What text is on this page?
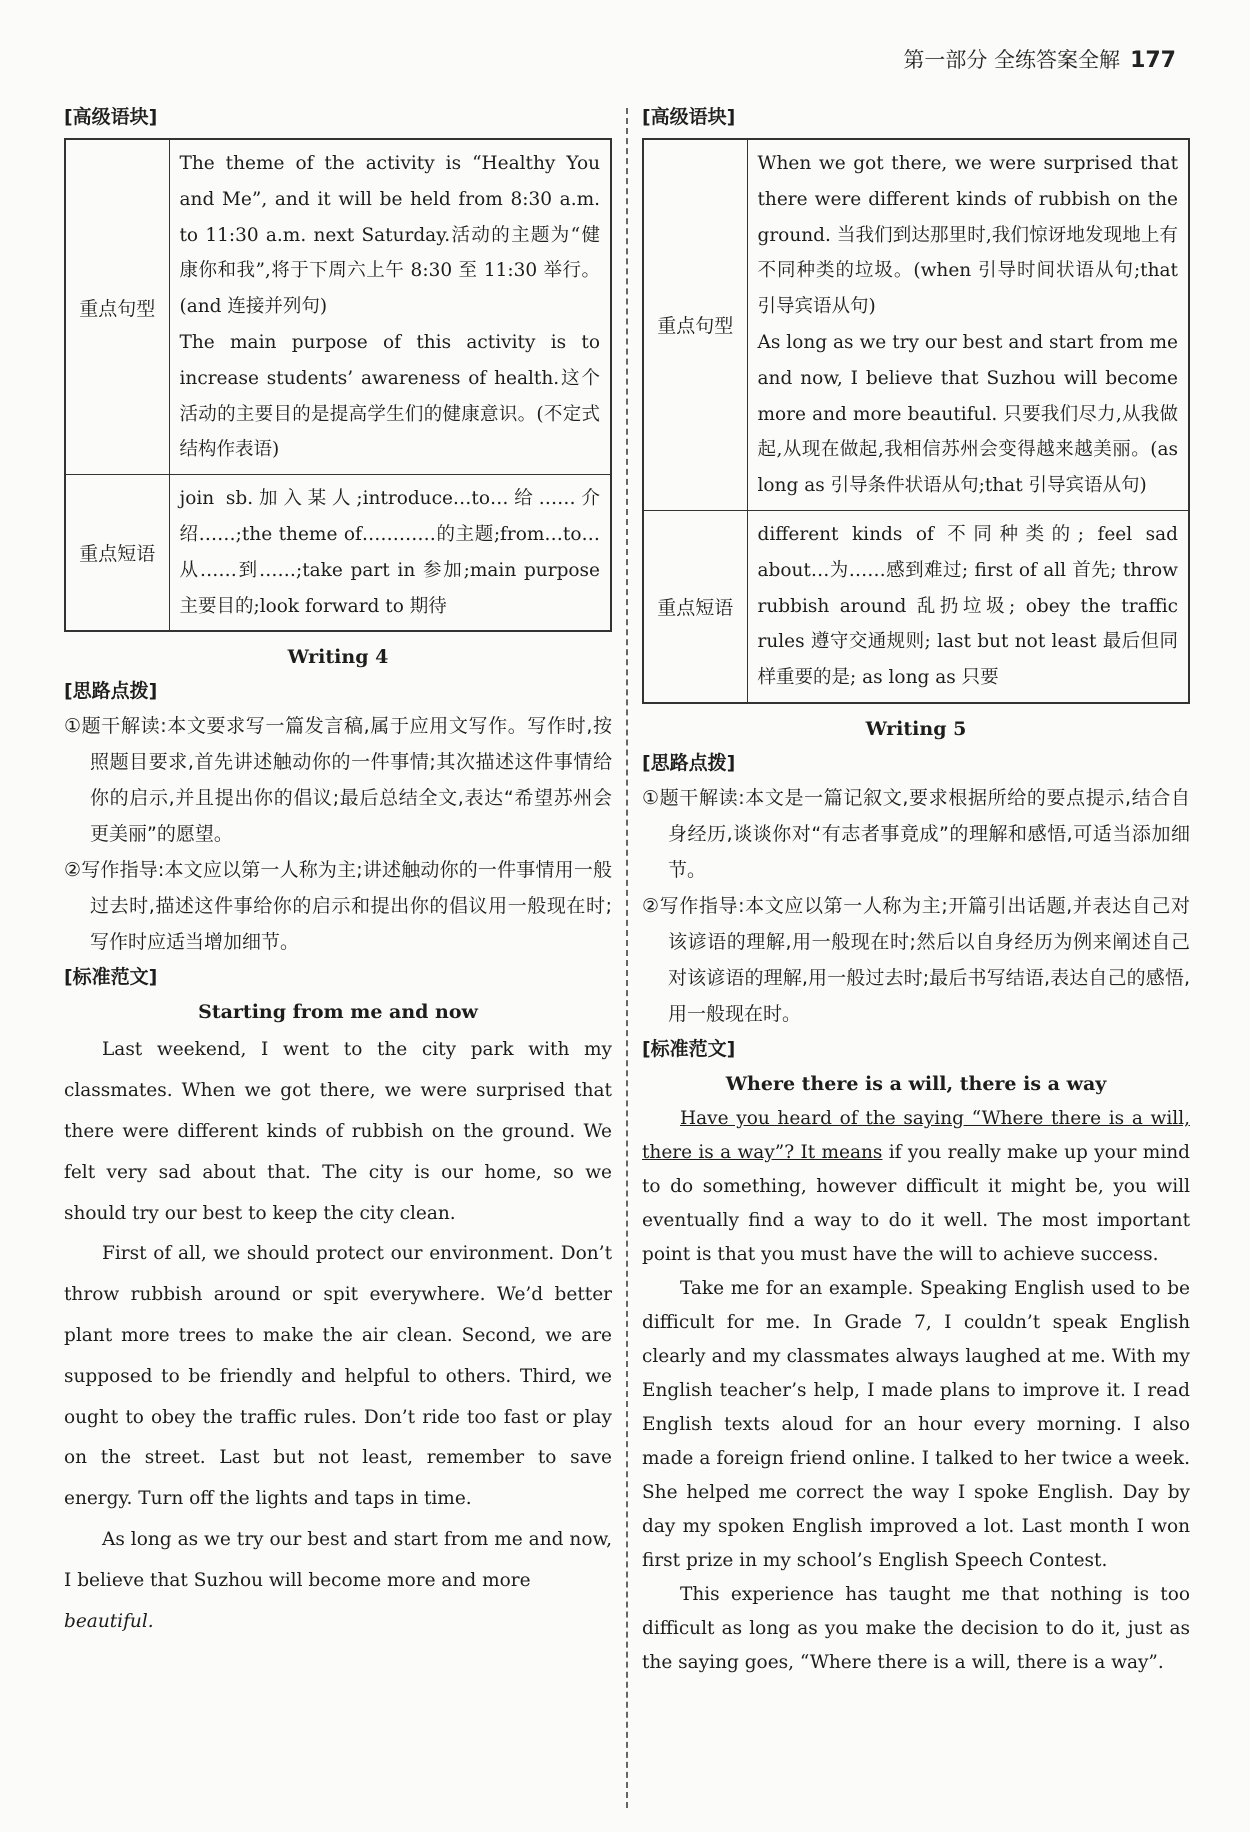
第一部分 全练答案全解 177
[高级语块]
重点句型	The theme of the activity is “Healthy You and Me”, and it will be held from 8:30 a.m. to 11:30 a.m. next Saturday.活动的主题为“健康你和我”,将于下周六上午 8:30 至 11:30 举行。(and 连接并列句)
The main purpose of this activity is to increase students’ awareness of health.这个活动的主要目的是提高学生们的健康意识。(不定式结构作表语)

重点短语	join sb.加入某人;introduce…to…给……介绍……;the theme of…………的主题;from…to…从……到……;take part in 参加;main purpose 主要目的;look forward to 期待
Writing 4
[思路点拨]
①题干解读:本文要求写一篇发言稿,属于应用文写作。写作时,按照题目要求,首先讲述触动你的一件事情;其次描述这件事情给你的启示,并且提出你的倡议;最后总结全文,表达“希望苏州会更美丽”的愿望。
②写作指导:本文应以第一人称为主;讲述触动你的一件事情用一般过去时,描述这件事给你的启示和提出你的倡议用一般现在时;写作时应适当增加细节。
[标准范文]
Starting from me and now

Last weekend, I went to the city park with my classmates. When we got there, we were surprised that there were different kinds of rubbish on the ground. We felt very sad about that. The city is our home, so we should try our best to keep the city clean.

First of all, we should protect our environment. Don’t throw rubbish around or spit everywhere. We’d better plant more trees to make the air clean. Second, we are supposed to be friendly and helpful to others. Third, we ought to obey the traffic rules. Don’t ride too fast or play on the street. Last but not least, remember to save energy. Turn off the lights and taps in time.

As long as we try our best and start from me and now, I believe that Suzhou will become more and more

beautiful.

[高级语块]
重点句型	When we got there, we were surprised that there were different kinds of rubbish on the ground. 当我们到达那里时,我们惊讶地发现地上有不同种类的垃圾。(when 引导时间状语从句;that 引导宾语从句)
As long as we try our best and start from me and now, I believe that Suzhou will become more and more beautiful. 只要我们尽力,从我做起,从现在做起,我相信苏州会变得越来越美丽。(as long as 引导条件状语从句;that 引导宾语从句)

重点短语	different kinds of 不同种类的; feel sad about…为……感到难过; first of all 首先; throw rubbish around 乱扔垃圾; obey the traffic rules 遵守交通规则; last but not least 最后但同样重要的是; as long as 只要
Writing 5
[思路点拨]
①题干解读:本文是一篇记叙文,要求根据所给的要点提示,结合自身经历,谈谈你对“有志者事竟成”的理解和感悟,可适当添加细节。
②写作指导:本文应以第一人称为主;开篇引出话题,并表达自己对该谚语的理解,用一般现在时;然后以自身经历为例来阐述自己对该谚语的理解,用一般过去时;最后书写结语,表达自己的感悟,用一般现在时。
[标准范文]
Where there is a will, there is a way

Have you heard of the saying “Where there is a will, there is a way”? It means if you really make up your mind to do something, however difficult it might be, you will eventually find a way to do it well. The most important point is that you must have the will to achieve success.

Take me for an example. Speaking English used to be difficult for me. In Grade 7, I couldn’t speak English clearly and my classmates always laughed at me. With my English teacher’s help, I made plans to improve it. I read English texts aloud for an hour every morning. I also made a foreign friend online. I talked to her twice a week. She helped me correct the way I spoke English. Day by day my spoken English improved a lot. Last month I won first prize in my school’s English Speech Contest.

This experience has taught me that nothing is too difficult as long as you make the decision to do it, just as the saying goes, “Where there is a will, there is a way”.
